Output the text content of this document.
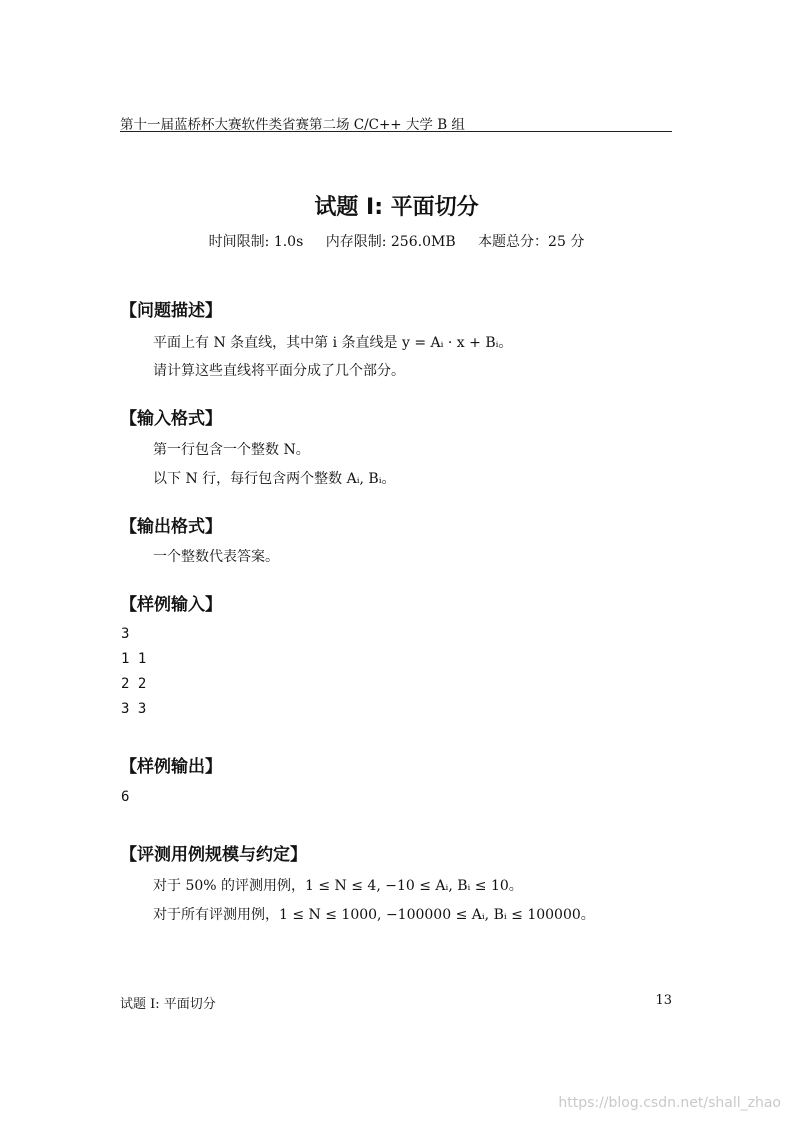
第十一届蓝桥杯大赛软件类省赛第二场 C/C++ 大学 B 组
试题 I: 平面切分
时间限制: 1.0s 内存限制: 256.0MB 本题总分：25 分
【问题描述】
平面上有 N 条直线，其中第 i 条直线是 y = Aᵢ · x + Bᵢ。
请计算这些直线将平面分成了几个部分。
【输入格式】
第一行包含一个整数 N。
以下 N 行，每行包含两个整数 Aᵢ, Bᵢ。
【输出格式】
一个整数代表答案。
【样例输入】
3
1 1
2 2
3 3
【样例输出】
6
【评测用例规模与约定】
对于 50% 的评测用例，1 ≤ N ≤ 4, −10 ≤ Aᵢ, Bᵢ ≤ 10。
对于所有评测用例，1 ≤ N ≤ 1000, −100000 ≤ Aᵢ, Bᵢ ≤ 100000。
试题 I: 平面切分	13
https://blog.csdn.net/shall_zhao
